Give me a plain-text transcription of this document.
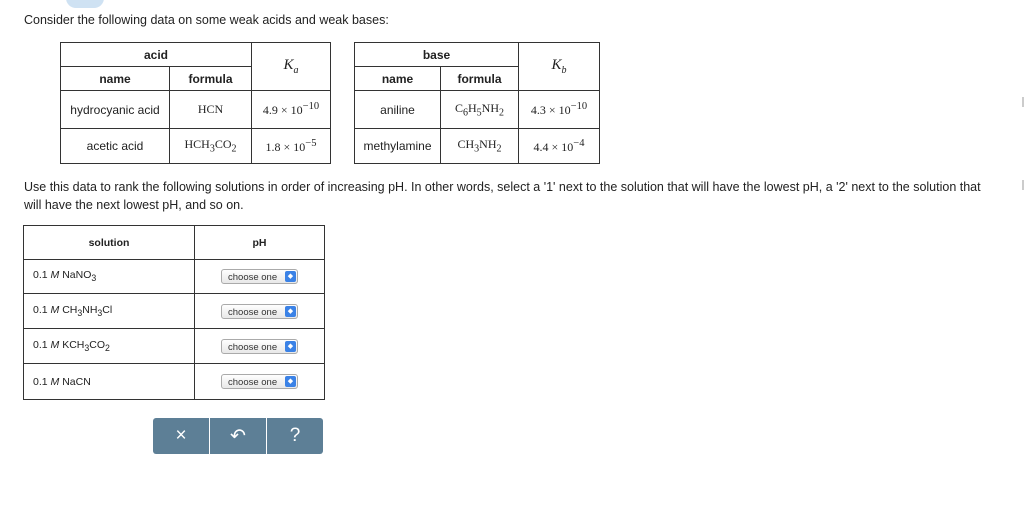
Consider the following data on some weak acids and weak bases:
acid		$K_a$
name	formula	
hydrocyanic acid	HCN	$4.9 \times 10^{-10}$
acetic acid	$HCH_3CO_2$	$1.8 \times 10^{-5}$
base		$K_b$
name	formula	
aniline	$C_6H_5NH_2$	$4.3 \times 10^{-10}$
methylamine	$CH_3NH_2$	$4.4 \times 10^{-4}$
Use this data to rank the following solutions in order of increasing pH. In other words, select a '1' next to the solution that will have the lowest pH, a '2' next to the solution that will have the next lowest pH, and so on.
solution	pH
0.1 M NaNO$_3$	choose one ◆

0.1 M $CH_3NH_3Cl$	choose one ◆

0.1 M $KCH_3CO_2$	choose one ◆

0.1 M NaCN	choose one ◆
× ↶ ?
